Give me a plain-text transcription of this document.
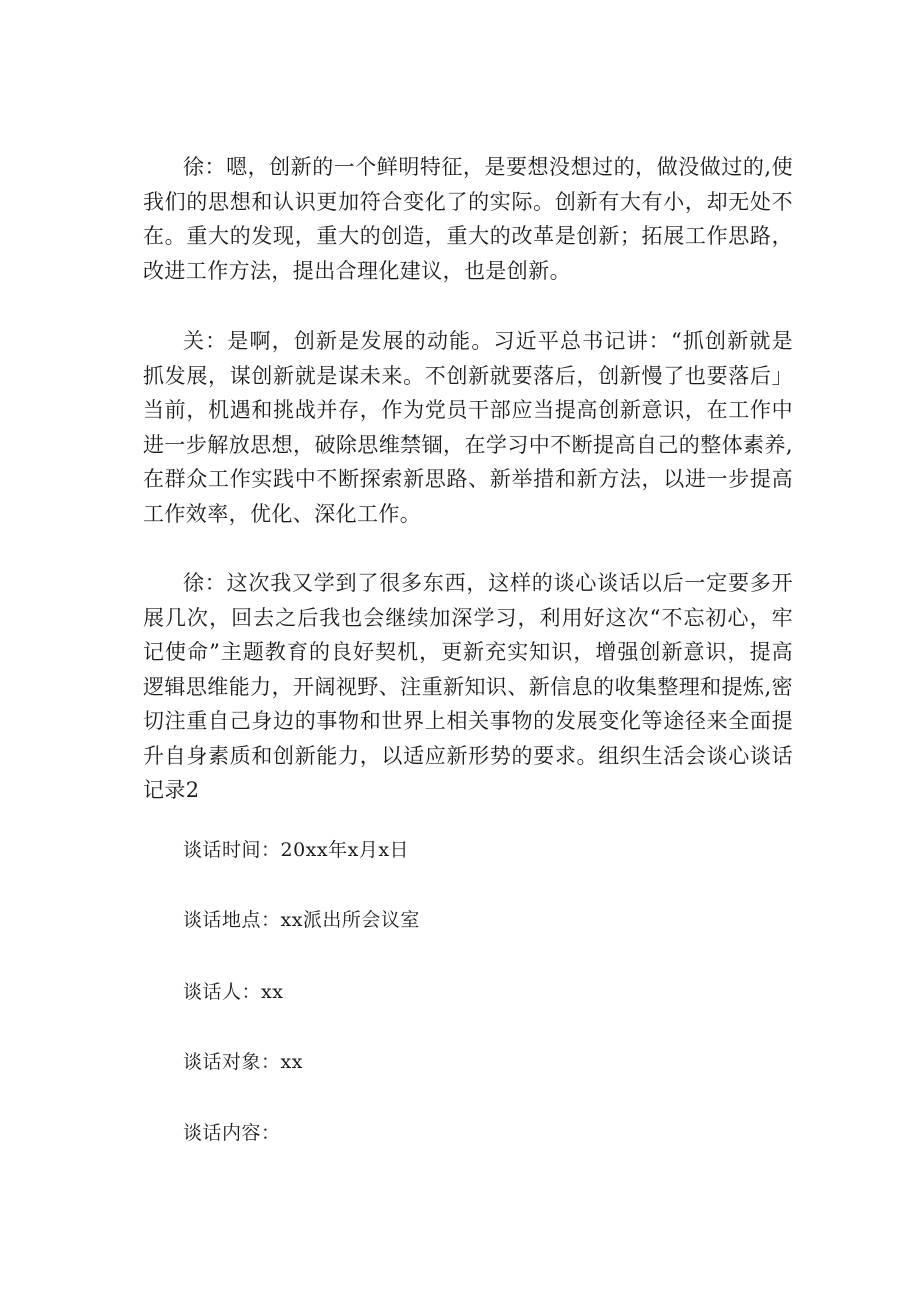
徐：嗯，创新的一个鲜明特征，是要想没想过的，做没做过的,使我们的思想和认识更加符合变化了的实际。创新有大有小，却无处不在。重大的发现，重大的创造，重大的改革是创新；拓展工作思路，改进工作方法，提出合理化建议，也是创新。

关：是啊，创新是发展的动能。习近平总书记讲：“抓创新就是抓发展，谋创新就是谋未来。不创新就要落后，创新慢了也要落后」当前，机遇和挑战并存，作为党员干部应当提高创新意识，在工作中进一步解放思想，破除思维禁锢，在学习中不断提高自己的整体素养,在群众工作实践中不断探索新思路、新举措和新方法，以进一步提高工作效率，优化、深化工作。

徐：这次我又学到了很多东西，这样的谈心谈话以后一定要多开展几次，回去之后我也会继续加深学习，利用好这次“不忘初心，牢记使命”主题教育的良好契机，更新充实知识，增强创新意识，提高逻辑思维能力，开阔视野、注重新知识、新信息的收集整理和提炼,密切注重自己身边的事物和世界上相关事物的发展变化等途径来全面提升自身素质和创新能力，以适应新形势的要求。组织生活会谈心谈话记录2

谈话时间：20xx年x月x日

谈话地点：xx派出所会议室

谈话人：xx

谈话对象：xx

谈话内容：
